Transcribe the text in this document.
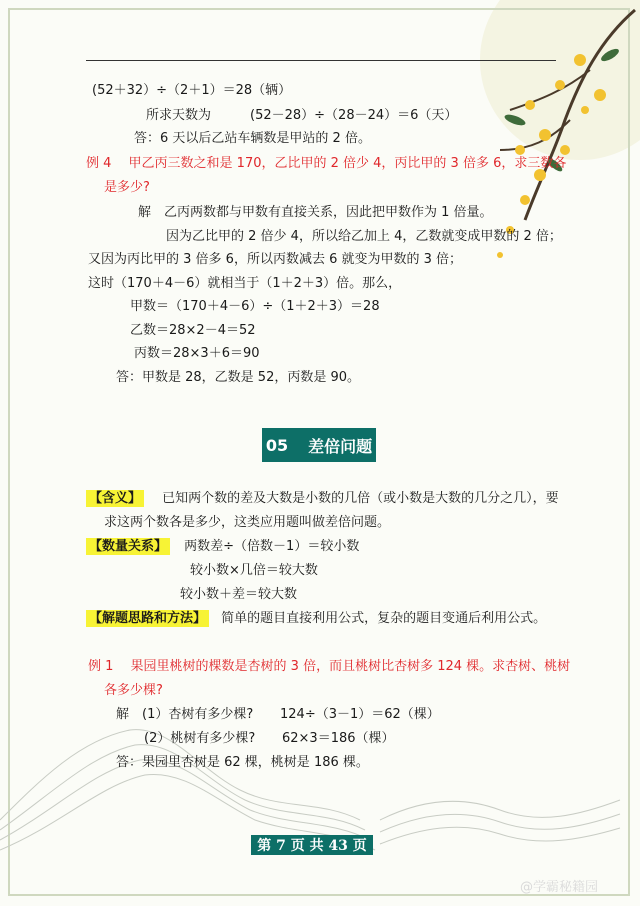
(52＋32）÷（2＋1）＝28（辆）
所求天数为　　　(52－28）÷（28－24）＝6（天）
答：6 天以后乙站车辆数是甲站的 2 倍。
例 4　 甲乙丙三数之和是 170，乙比甲的 2 倍少 4，丙比甲的 3 倍多 6，求三数各
是多少?
解　乙丙两数都与甲数有直接关系，因此把甲数作为 1 倍量。
因为乙比甲的 2 倍少 4，所以给乙加上 4，乙数就变成甲数的 2 倍；
又因为丙比甲的 3 倍多 6，所以丙数减去 6 就变为甲数的 3 倍；
这时（170＋4－6）就相当于（1＋2＋3）倍。那么，
甲数＝（170＋4－6）÷（1＋2＋3）＝28
乙数＝28×2－4＝52
丙数＝28×3＋6＝90
答：甲数是 28，乙数是 52，丙数是 90。
05 差倍问题
【含义】 已知两个数的差及大数是小数的几倍（或小数是大数的几分之几），要
求这两个数各是多少，这类应用题叫做差倍问题。
【数量关系】 两数差÷（倍数－1）＝较小数
较小数×几倍＝较大数
较小数＋差＝较大数
【解题思路和方法】 简单的题目直接利用公式，复杂的题目变通后利用公式。
例 1　 果园里桃树的棵数是杏树的 3 倍，而且桃树比杏树多 124 棵。求杏树、桃树
各多少棵?
解　(1）杏树有多少棵? 124÷（3－1）＝62（棵）
(2）桃树有多少棵? 62×3＝186（棵）
答：果园里杏树是 62 棵，桃树是 186 棵。
第 7 页 共 43 页
@学霸秘籍园
